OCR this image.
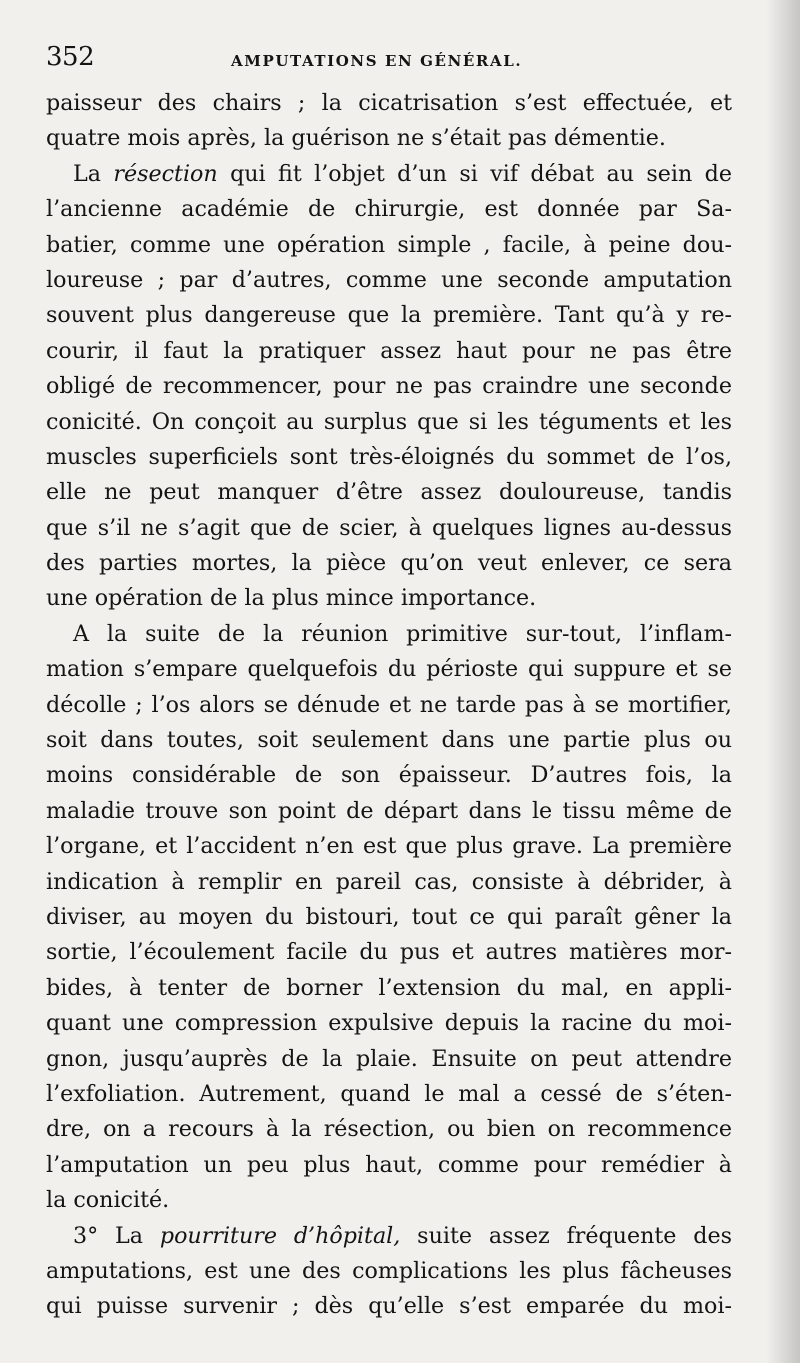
352	AMPUTATIONS EN GÉNÉRAL.
paisseur des chairs ; la cicatrisation s’est effectuée, et
quatre mois après, la guérison ne s’était pas démentie.
La résection qui fit l’objet d’un si vif débat au sein de
l’ancienne académie de chirurgie, est donnée par Sa-
batier, comme une opération simple , facile, à peine dou-
loureuse ; par d’autres, comme une seconde amputation
souvent plus dangereuse que la première. Tant qu’à y re-
courir, il faut la pratiquer assez haut pour ne pas être
obligé de recommencer, pour ne pas craindre une seconde
conicité. On conçoit au surplus que si les téguments et les
muscles superficiels sont très-éloignés du sommet de l’os,
elle ne peut manquer d’être assez douloureuse, tandis
que s’il ne s’agit que de scier, à quelques lignes au-dessus
des parties mortes, la pièce qu’on veut enlever, ce sera
une opération de la plus mince importance.
A la suite de la réunion primitive sur-tout, l’inflam-
mation s’empare quelquefois du périoste qui suppure et se
décolle ; l’os alors se dénude et ne tarde pas à se mortifier,
soit dans toutes, soit seulement dans une partie plus ou
moins considérable de son épaisseur. D’autres fois, la
maladie trouve son point de départ dans le tissu même de
l’organe, et l’accident n’en est que plus grave. La première
indication à remplir en pareil cas, consiste à débrider, à
diviser, au moyen du bistouri, tout ce qui paraît gêner la
sortie, l’écoulement facile du pus et autres matières mor-
bides, à tenter de borner l’extension du mal, en appli-
quant une compression expulsive depuis la racine du moi-
gnon, jusqu’auprès de la plaie. Ensuite on peut attendre
l’exfoliation. Autrement, quand le mal a cessé de s’éten-
dre, on a recours à la résection, ou bien on recommence
l’amputation un peu plus haut, comme pour remédier à
la conicité.
3° La pourriture d’hôpital, suite assez fréquente des
amputations, est une des complications les plus fâcheuses
qui puisse survenir ; dès qu’elle s’est emparée du moi-
